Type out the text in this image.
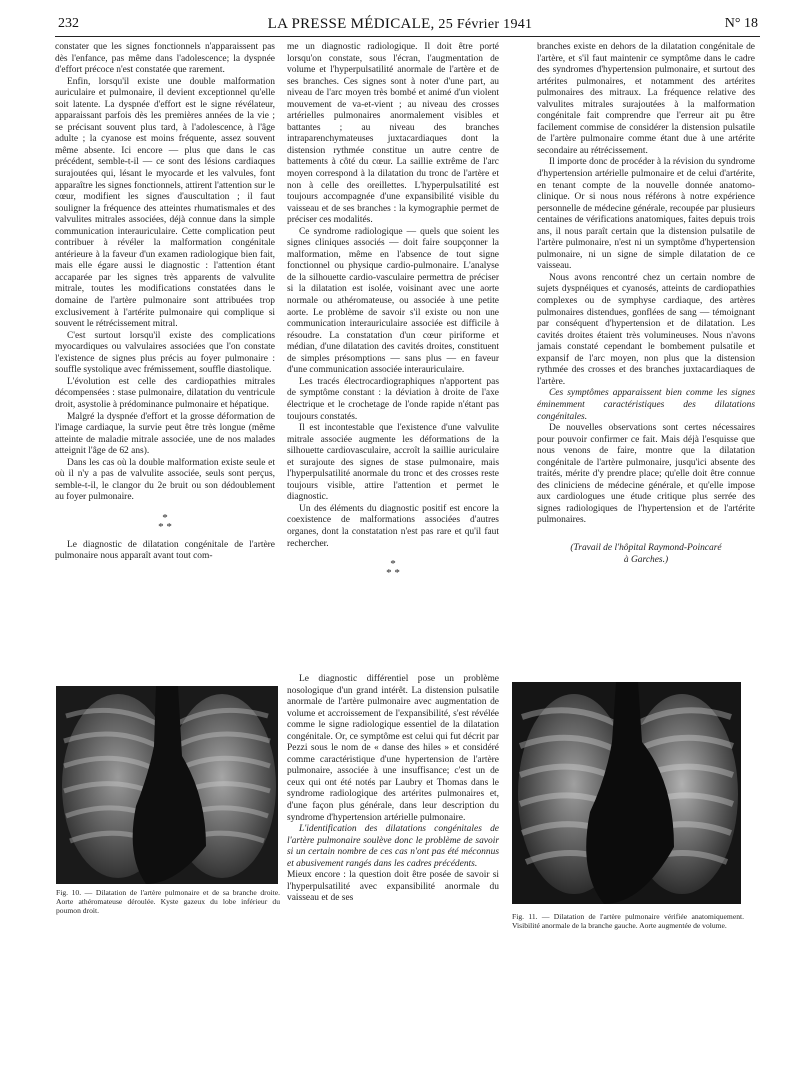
232	LA PRESSE MÉDICALE, 25 Février 1941	N° 18

constater que les signes fonctionnels n'apparaissent pas dès l'enfance, pas même dans l'adolescence; la dyspnée d'effort précoce n'est constatée que rarement.

Enfin, lorsqu'il existe une double malformation auriculaire et pulmonaire, il devient exceptionnel qu'elle soit latente. La dyspnée d'effort est le signe révélateur, apparaissant parfois dès les premières années de la vie ; se précisant souvent plus tard, à l'adolescence, à l'âge adulte ; la cyanose est moins fréquente, assez souvent même absente. Ici encore — plus que dans le cas précédent, semble-t-il — ce sont des lésions cardiaques surajoutées qui, lésant le myocarde et les valvules, font apparaître les signes fonctionnels, attirent l'attention sur le cœur, modifient les signes d'auscultation ; il faut souligner la fréquence des atteintes rhumatismales et des valvulites mitrales associées, déjà connue dans la simple communication interauriculaire. Cette complication peut contribuer à révéler la malformation congénitale antérieure à la faveur d'un examen radiologique bien fait, mais elle égare aussi le diagnostic : l'attention étant accaparée par les signes très apparents de valvulite mitrale, toutes les modifications constatées dans le domaine de l'artère pulmonaire sont attribuées trop exclusivement à l'artérite pulmonaire qui complique si souvent le rétrécissement mitral.

C'est surtout lorsqu'il existe des complications myocardiques ou valvulaires associées que l'on constate l'existence de signes plus précis au foyer pulmonaire : souffle systolique avec frémissement, souffle diastolique.

L'évolution est celle des cardiopathies mitrales décompensées : stase pulmonaire, dilatation du ventricule droit, asystolie à prédominance pulmonaire et hépatique.

Malgré la dyspnée d'effort et la grosse déformation de l'image cardiaque, la survie peut être très longue (même atteinte de maladie mitrale associée, une de nos malades atteignit l'âge de 62 ans).

Dans les cas où la double malformation existe seule et où il n'y a pas de valvulite associée, seuls sont perçus, semble-t-il, le clangor du 2e bruit ou son dédoublement au foyer pulmonaire.

*
* *

Le diagnostic de dilatation congénitale de l'artère pulmonaire nous apparaît avant tout com-

me un diagnostic radiologique. Il doit être porté lorsqu'on constate, sous l'écran, l'augmentation de volume et l'hyperpulsatilité anormale de l'artère et de ses branches. Ces signes sont à noter d'une part, au niveau de l'arc moyen très bombé et animé d'un violent mouvement de va-et-vient ; au niveau des crosses artérielles pulmonaires anormalement visibles et battantes ; au niveau des branches intraparenchymateuses juxtacardiaques dont la distension rythmée constitue un autre centre de battements à côté du cœur. La saillie extrême de l'arc moyen correspond à la dilatation du tronc de l'artère et non à celle des oreillettes. L'hyperpulsatilité est toujours accompagnée d'une expansibilité visible du vaisseau et de ses branches : la kymographie permet de préciser ces modalités.

Ce syndrome radiologique — quels que soient les signes cliniques associés — doit faire soupçonner la malformation, même en l'absence de tout signe fonctionnel ou physique cardio-pulmonaire. L'analyse de la silhouette cardio-vasculaire permettra de préciser si la dilatation est isolée, voisinant avec une aorte normale ou athéromateuse, ou associée à une petite aorte. Le problème de savoir s'il existe ou non une communication interauriculaire associée est difficile à résoudre. La constatation d'un cœur piriforme et médian, d'une dilatation des cavités droites, constituent de simples présomptions — sans plus — en faveur d'une communication associée interauriculaire.

Les tracés électrocardiographiques n'apportent pas de symptôme constant : la déviation à droite de l'axe électrique et le crochetage de l'onde rapide n'étant pas toujours constatés.

Il est incontestable que l'existence d'une valvulite mitrale associée augmente les déformations de la silhouette cardiovasculaire, accroît la saillie auriculaire et surajoute des signes de stase pulmonaire, mais l'hyperpulsatilité anormale du tronc et des crosses reste toujours visible, attire l'attention et permet le diagnostic.

Un des éléments du diagnostic positif est encore la coexistence de malformations associées d'autres organes, dont la constatation n'est pas rare et qu'il faut rechercher.

*
* *

Le diagnostic différentiel pose un problème nosologique d'un grand intérêt. La distension pulsatile anormale de l'artère pulmonaire avec augmentation de volume et accroissement de l'expansibilité, s'est révélée comme le signe radiologique essentiel de la dilatation congénitale. Or, ce symptôme est celui qui fut décrit par Pezzi sous le nom de « danse des hiles » et considéré comme caractéristique d'une hypertension de l'artère pulmonaire, associée à une insuffisance; c'est un de ceux qui ont été notés par Laubry et Thomas dans le syndrome radiologique des artérites pulmonaires et, d'une façon plus générale, dans leur description du syndrome d'hypertension artérielle pulmonaire.

L'identification des dilatations congénitales de l'artère pulmonaire soulève donc le problème de savoir si un certain nombre de ces cas n'ont pas été méconnus et abusivement rangés dans les cadres précédents.

Mieux encore : la question doit être posée de savoir si l'hyperpulsatilité avec expansibilité anormale du vaisseau et de ses

branches existe en dehors de la dilatation congénitale de l'artère, et s'il faut maintenir ce symptôme dans le cadre des syndromes d'hypertension pulmonaire, et surtout des artérites pulmonaires, et notamment des artérites pulmonaires des mitraux. La fréquence relative des valvulites mitrales surajoutées à la malformation congénitale fait comprendre que l'erreur ait pu être facilement commise de considérer la distension pulsatile de l'artère pulmonaire comme étant due à une artérite secondaire au rétrécissement.

Il importe donc de procéder à la révision du syndrome d'hypertension artérielle pulmonaire et de celui d'artérite, en tenant compte de la nouvelle donnée anatomo-clinique. Or si nous nous référons à notre expérience personnelle de médecine générale, recoupée par plusieurs centaines de vérifications anatomiques, faites depuis trois ans, il nous paraît certain que la distension pulsatile de l'artère pulmonaire, n'est ni un symptôme d'hypertension pulmonaire, ni un signe de simple dilatation de ce vaisseau.

Nous avons rencontré chez un certain nombre de sujets dyspnéiques et cyanosés, atteints de cardiopathies complexes ou de symphyse cardiaque, des artères pulmonaires distendues, gonflées de sang — témoignant par conséquent d'hypertension et de dilatation. Les cavités droites étaient très volumineuses. Nous n'avons jamais constaté cependant le bombement pulsatile et expansif de l'arc moyen, non plus que la distension rythmée des crosses et des branches juxtacardiaques de l'artère.

Ces symptômes apparaissent bien comme les signes éminemment caractéristiques des dilatations congénitales.

De nouvelles observations sont certes nécessaires pour pouvoir confirmer ce fait. Mais déjà l'esquisse que nous venons de faire, montre que la dilatation congénitale de l'artère pulmonaire, jusqu'ici absente des traités, mérite d'y prendre place; qu'elle doit être connue des cliniciens de médecine générale, et qu'elle impose aux cardiologues une étude critique plus serrée des signes radiologiques de l'hypertension et de l'artérite pulmonaires.

(Travail de l'hôpital Raymond-Poincaré
à Garches.)
Fig. 10. — Dilatation de l'artère pulmonaire et de sa branche droite. Aorte athéromateuse déroulée. Kyste gazeux du lobe inférieur du poumon droit.
Fig. 11. — Dilatation de l'artère pulmonaire vérifiée anatomiquement. Visibilité anormale de la branche gauche. Aorte augmentée de volume.
